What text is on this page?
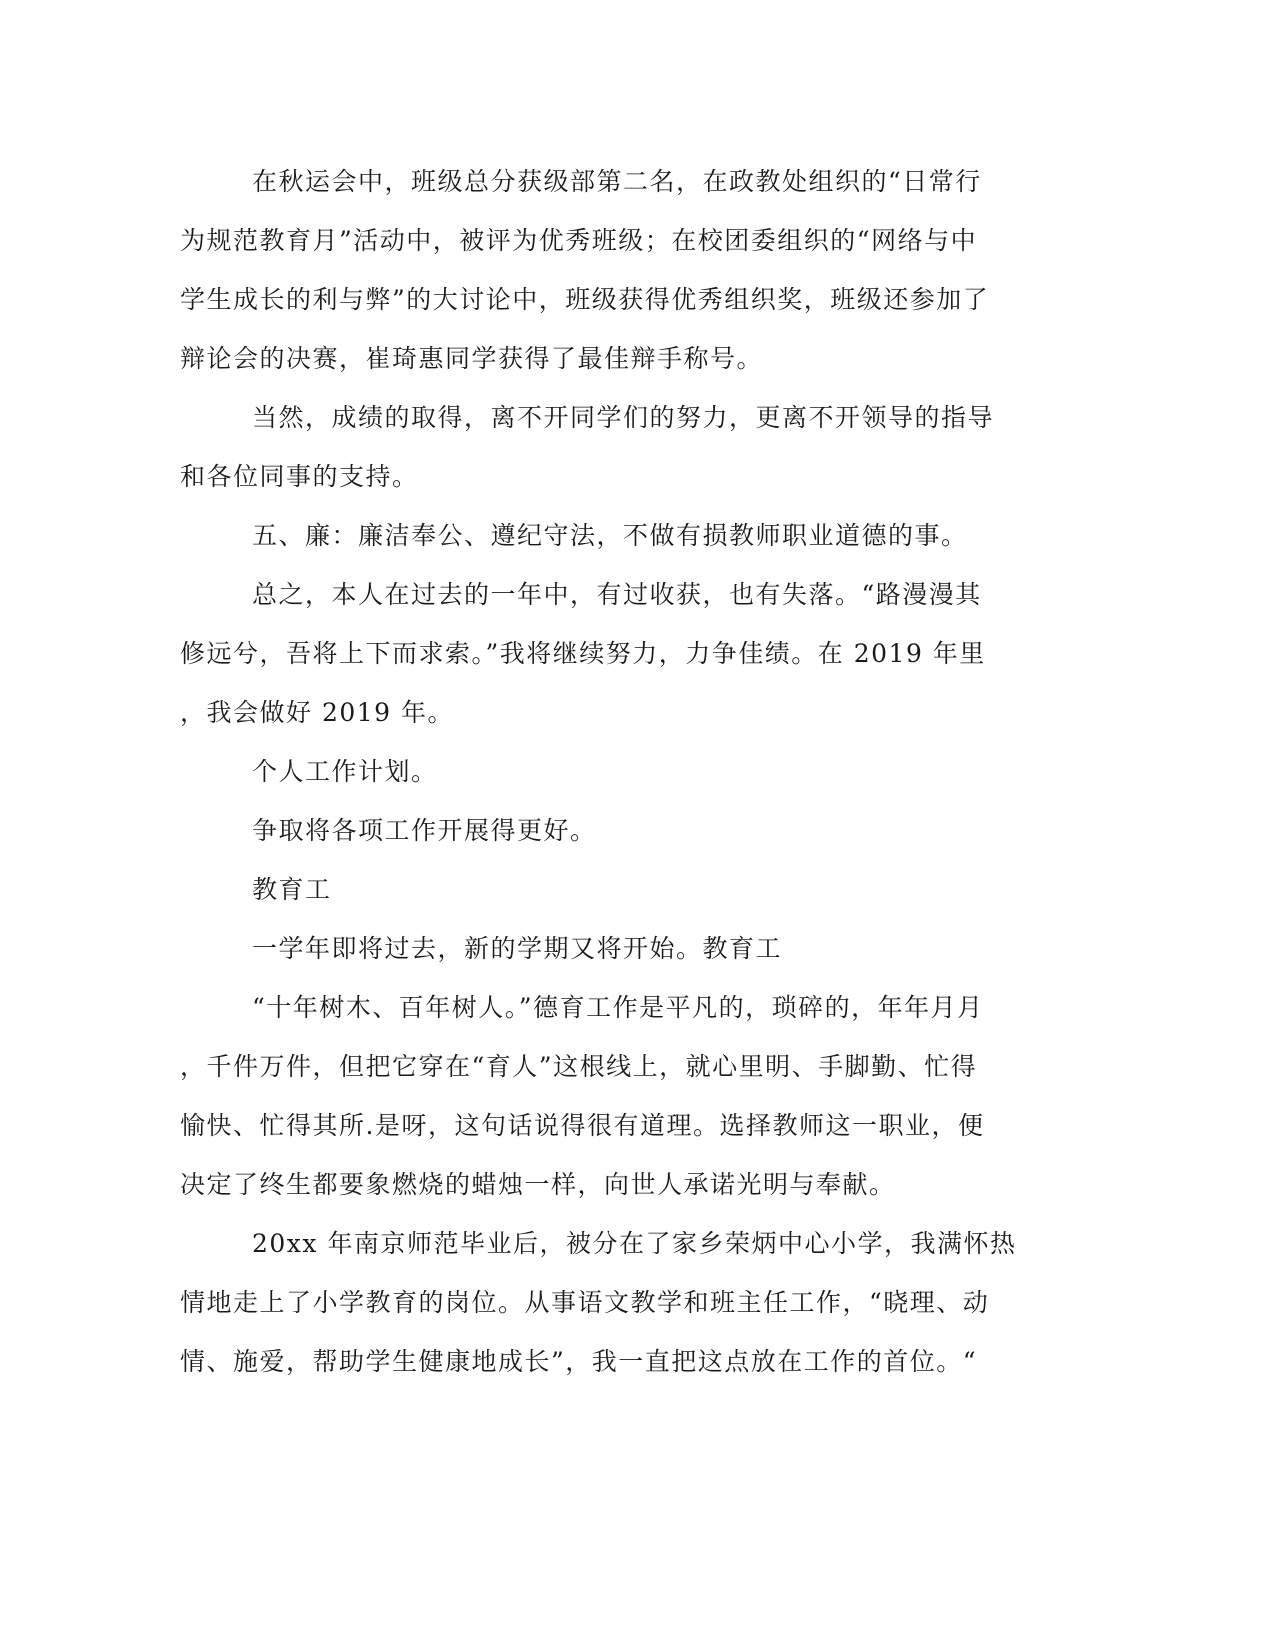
在秋运会中，班级总分获级部第二名，在政教处组织的“日常行

为规范教育月”活动中，被评为优秀班级；在校团委组织的“网络与中

学生成长的利与弊”的大讨论中，班级获得优秀组织奖，班级还参加了

辩论会的决赛，崔琦惠同学获得了最佳辩手称号。

当然，成绩的取得，离不开同学们的努力，更离不开领导的指导

和各位同事的支持。

五、廉：廉洁奉公、遵纪守法，不做有损教师职业道德的事。

总之，本人在过去的一年中，有过收获，也有失落。“路漫漫其

修远兮，吾将上下而求索。”我将继续努力，力争佳绩。在 2019 年里

，我会做好 2019 年。

个人工作计划。

争取将各项工作开展得更好。

教育工

一学年即将过去，新的学期又将开始。教育工

“十年树木、百年树人。”德育工作是平凡的，琐碎的，年年月月

，千件万件，但把它穿在“育人”这根线上，就心里明、手脚勤、忙得

愉快、忙得其所.是呀，这句话说得很有道理。选择教师这一职业，便

决定了终生都要象燃烧的蜡烛一样，向世人承诺光明与奉献。

20xx 年南京师范毕业后，被分在了家乡荣炳中心小学，我满怀热

情地走上了小学教育的岗位。从事语文教学和班主任工作，“晓理、动

情、施爱，帮助学生健康地成长”，我一直把这点放在工作的首位。“
